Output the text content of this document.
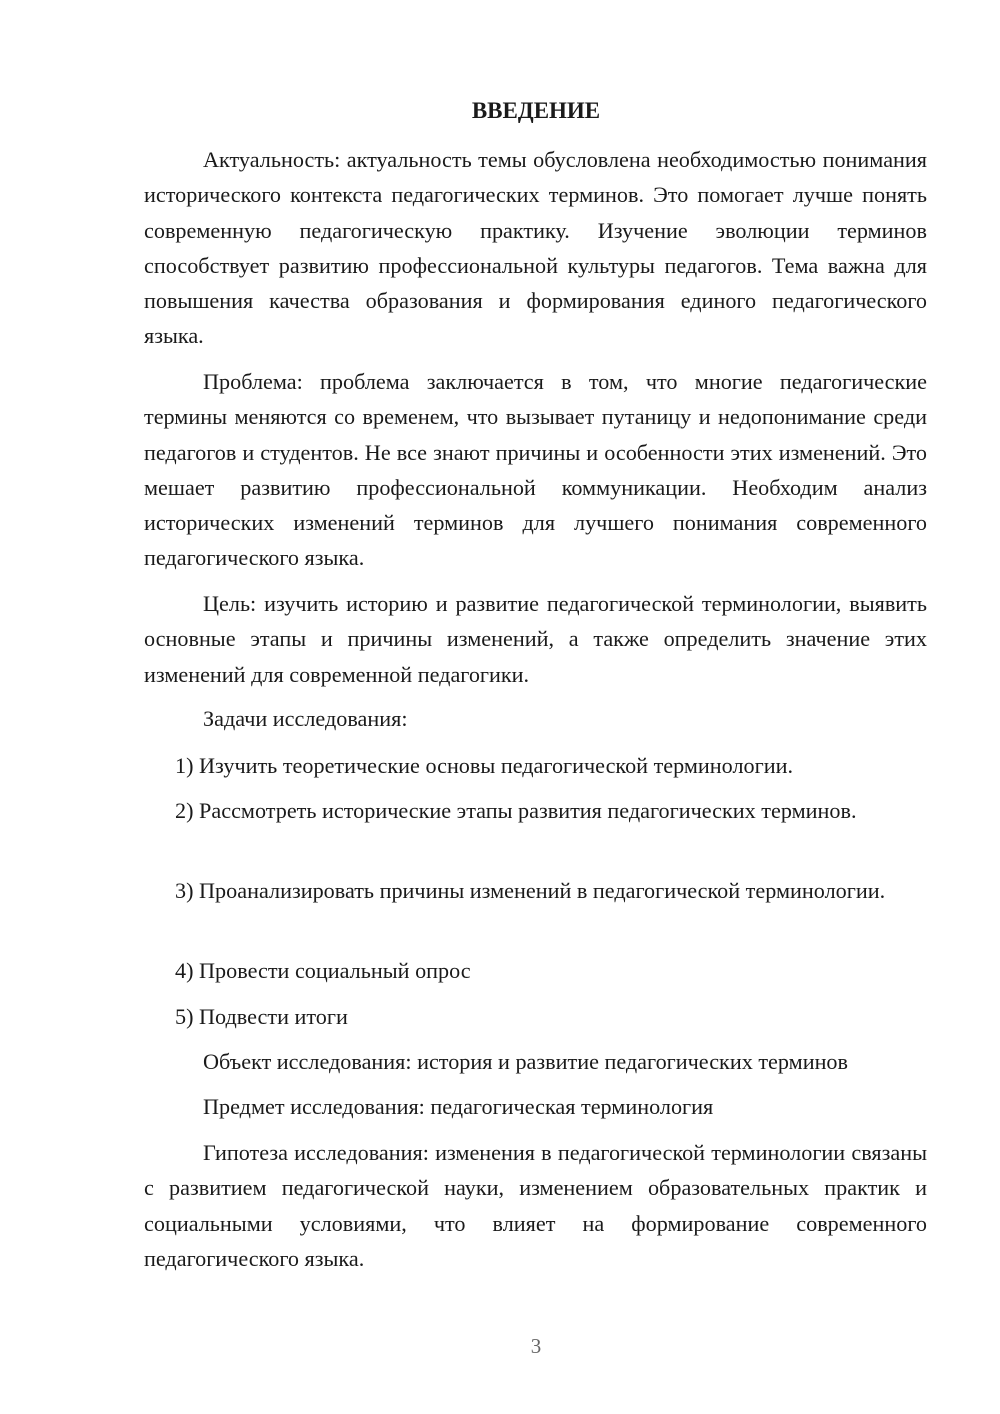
ВВЕДЕНИЕ

Актуальность: актуальность темы обусловлена необходимостью понимания исторического контекста педагогических терминов. Это помогает лучше понять современную педагогическую практику. Изучение эволюции терминов способствует развитию профессиональной культуры педагогов. Тема важна для повышения качества образования и формирования единого педагогического языка.

Проблема: проблема заключается в том, что многие педагогические термины меняются со временем, что вызывает путаницу и недопонимание среди педагогов и студентов. Не все знают причины и особенности этих изменений. Это мешает развитию профессиональной коммуникации. Необходим анализ исторических изменений терминов для лучшего понимания современного педагогического языка.

Цель: изучить историю и развитие педагогической терминологии, выявить основные этапы и причины изменений, а также определить значение этих изменений для современной педагогики.

Задачи исследования:

1) Изучить теоретические основы педагогической терминологии.

2) Рассмотреть исторические этапы развития педагогических терминов.

3) Проанализировать причины изменений в педагогической терминологии.

4) Провести социальный опрос

5) Подвести итоги

Объект исследования: история и развитие педагогических терминов

Предмет исследования: педагогическая терминология

Гипотеза исследования: изменения в педагогической терминологии связаны с развитием педагогической науки, изменением образовательных практик и социальными условиями, что влияет на формирование современного педагогического языка.

3
